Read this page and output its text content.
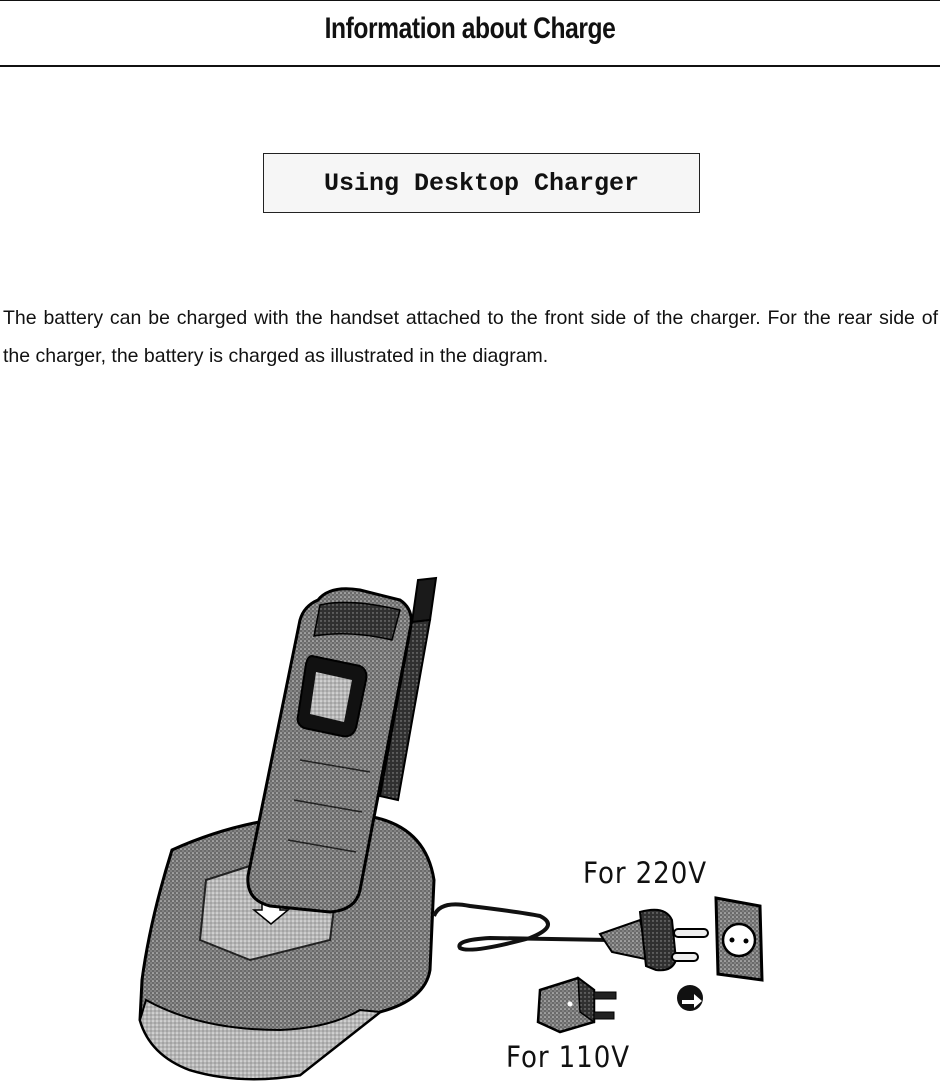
Information about Charge
Using Desktop Charger
The battery can be charged with the handset attached to the front side of the charger. For the rear side of the charger, the battery is charged as illustrated in the diagram.
For 220V
For 110V
